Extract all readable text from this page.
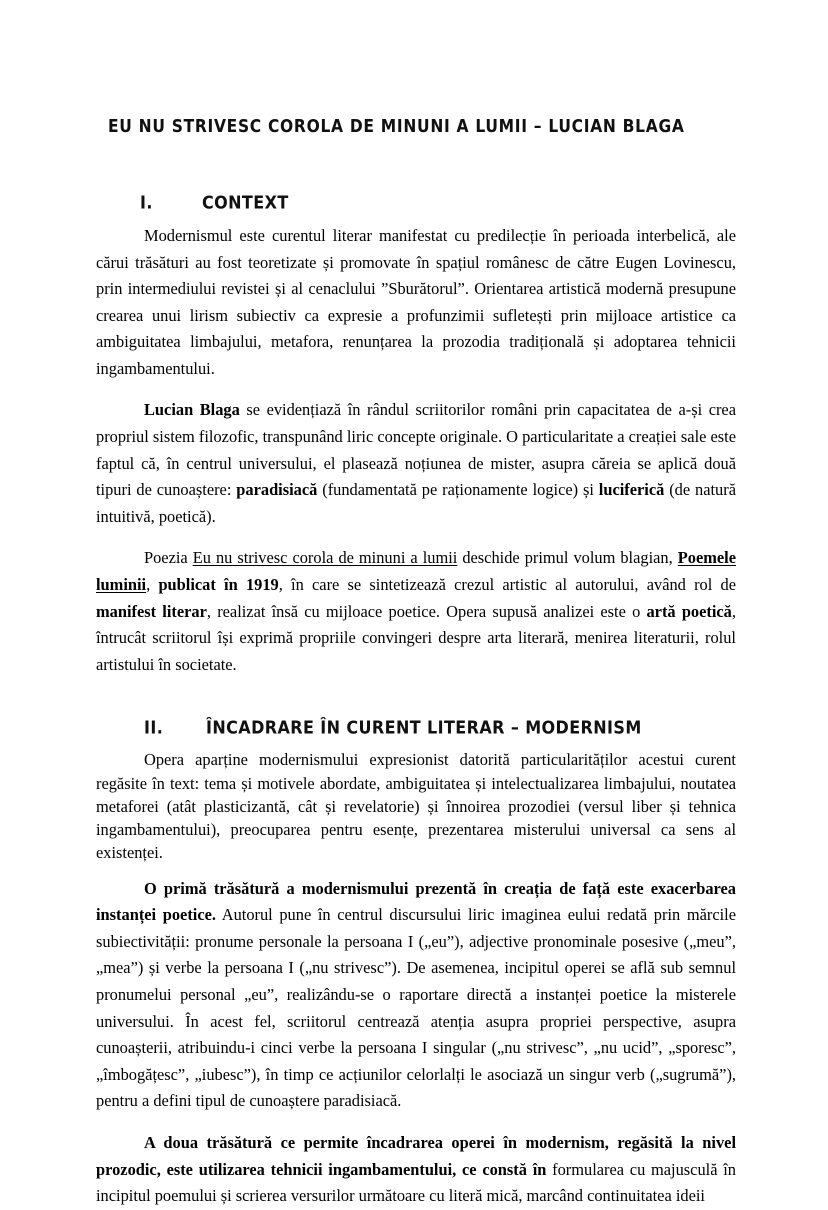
EU NU STRIVESC COROLA DE MINUNI A LUMII – LUCIAN BLAGA
I.	CONTEXT

Modernismul este curentul literar manifestat cu predilecție în perioada interbelică, ale cărui trăsături au fost teoretizate și promovate în spațiul românesc de către Eugen Lovinescu, prin intermediului revistei și al cenaclului ”Sburătorul”. Orientarea artistică modernă presupune crearea unui lirism subiectiv ca expresie a profunzimii sufletești prin mijloace artistice ca ambiguitatea limbajului, metafora, renunțarea la prozodia tradițională și adoptarea tehnicii ingambamentului.

Lucian Blaga se evidențiază în rândul scriitorilor români prin capacitatea de a-și crea propriul sistem filozofic, transpunând liric concepte originale. O particularitate a creației sale este faptul că, în centrul universului, el plasează noțiunea de mister, asupra căreia se aplică două tipuri de cunoaștere: paradisiacă (fundamentată pe raționamente logice) și luciferică (de natură intuitivă, poetică).

Poezia Eu nu strivesc corola de minuni a lumii deschide primul volum blagian, Poemele luminii, publicat în 1919, în care se sintetizează crezul artistic al autorului, având rol de manifest literar, realizat însă cu mijloace poetice. Opera supusă analizei este o artă poetică, întrucât scriitorul își exprimă propriile convingeri despre arta literară, menirea literaturii, rolul artistului în societate.

II.	ÎNCADRARE ÎN CURENT LITERAR – MODERNISM

Opera aparține modernismului expresionist datorită particularităților acestui curent regăsite în text: tema și motivele abordate, ambiguitatea și intelectualizarea limbajului, noutatea metaforei (atât plasticizantă, cât și revelatorie) și înnoirea prozodiei (versul liber și tehnica ingambamentului), preocuparea pentru esențe, prezentarea misterului universal ca sens al existenței.

O primă trăsătură a modernismului prezentă în creația de față este exacerbarea instanței poetice. Autorul pune în centrul discursului liric imaginea eului redată prin mărcile subiectivității: pronume personale la persoana I („eu”), adjective pronominale posesive („meu”, „mea”) și verbe la persoana I („nu strivesc”). De asemenea, incipitul operei se află sub semnul pronumelui personal „eu”, realizându-se o raportare directă a instanței poetice la misterele universului. În acest fel, scriitorul centrează atenția asupra propriei perspective, asupra cunoașterii, atribuindu-i cinci verbe la persoana I singular („nu strivesc”, „nu ucid”, „sporesc”, „îmbogățesc”, „iubesc”), în timp ce acțiunilor celorlalți le asociază un singur verb („sugrumă”), pentru a defini tipul de cunoaștere paradisiacă.

A doua trăsătură ce permite încadrarea operei în modernism, regăsită la nivel prozodic, este utilizarea tehnicii ingambamentului, ce constă în formularea cu majusculă în incipitul poemului și scrierea versurilor următoare cu literă mică, marcând continuitatea ideii
